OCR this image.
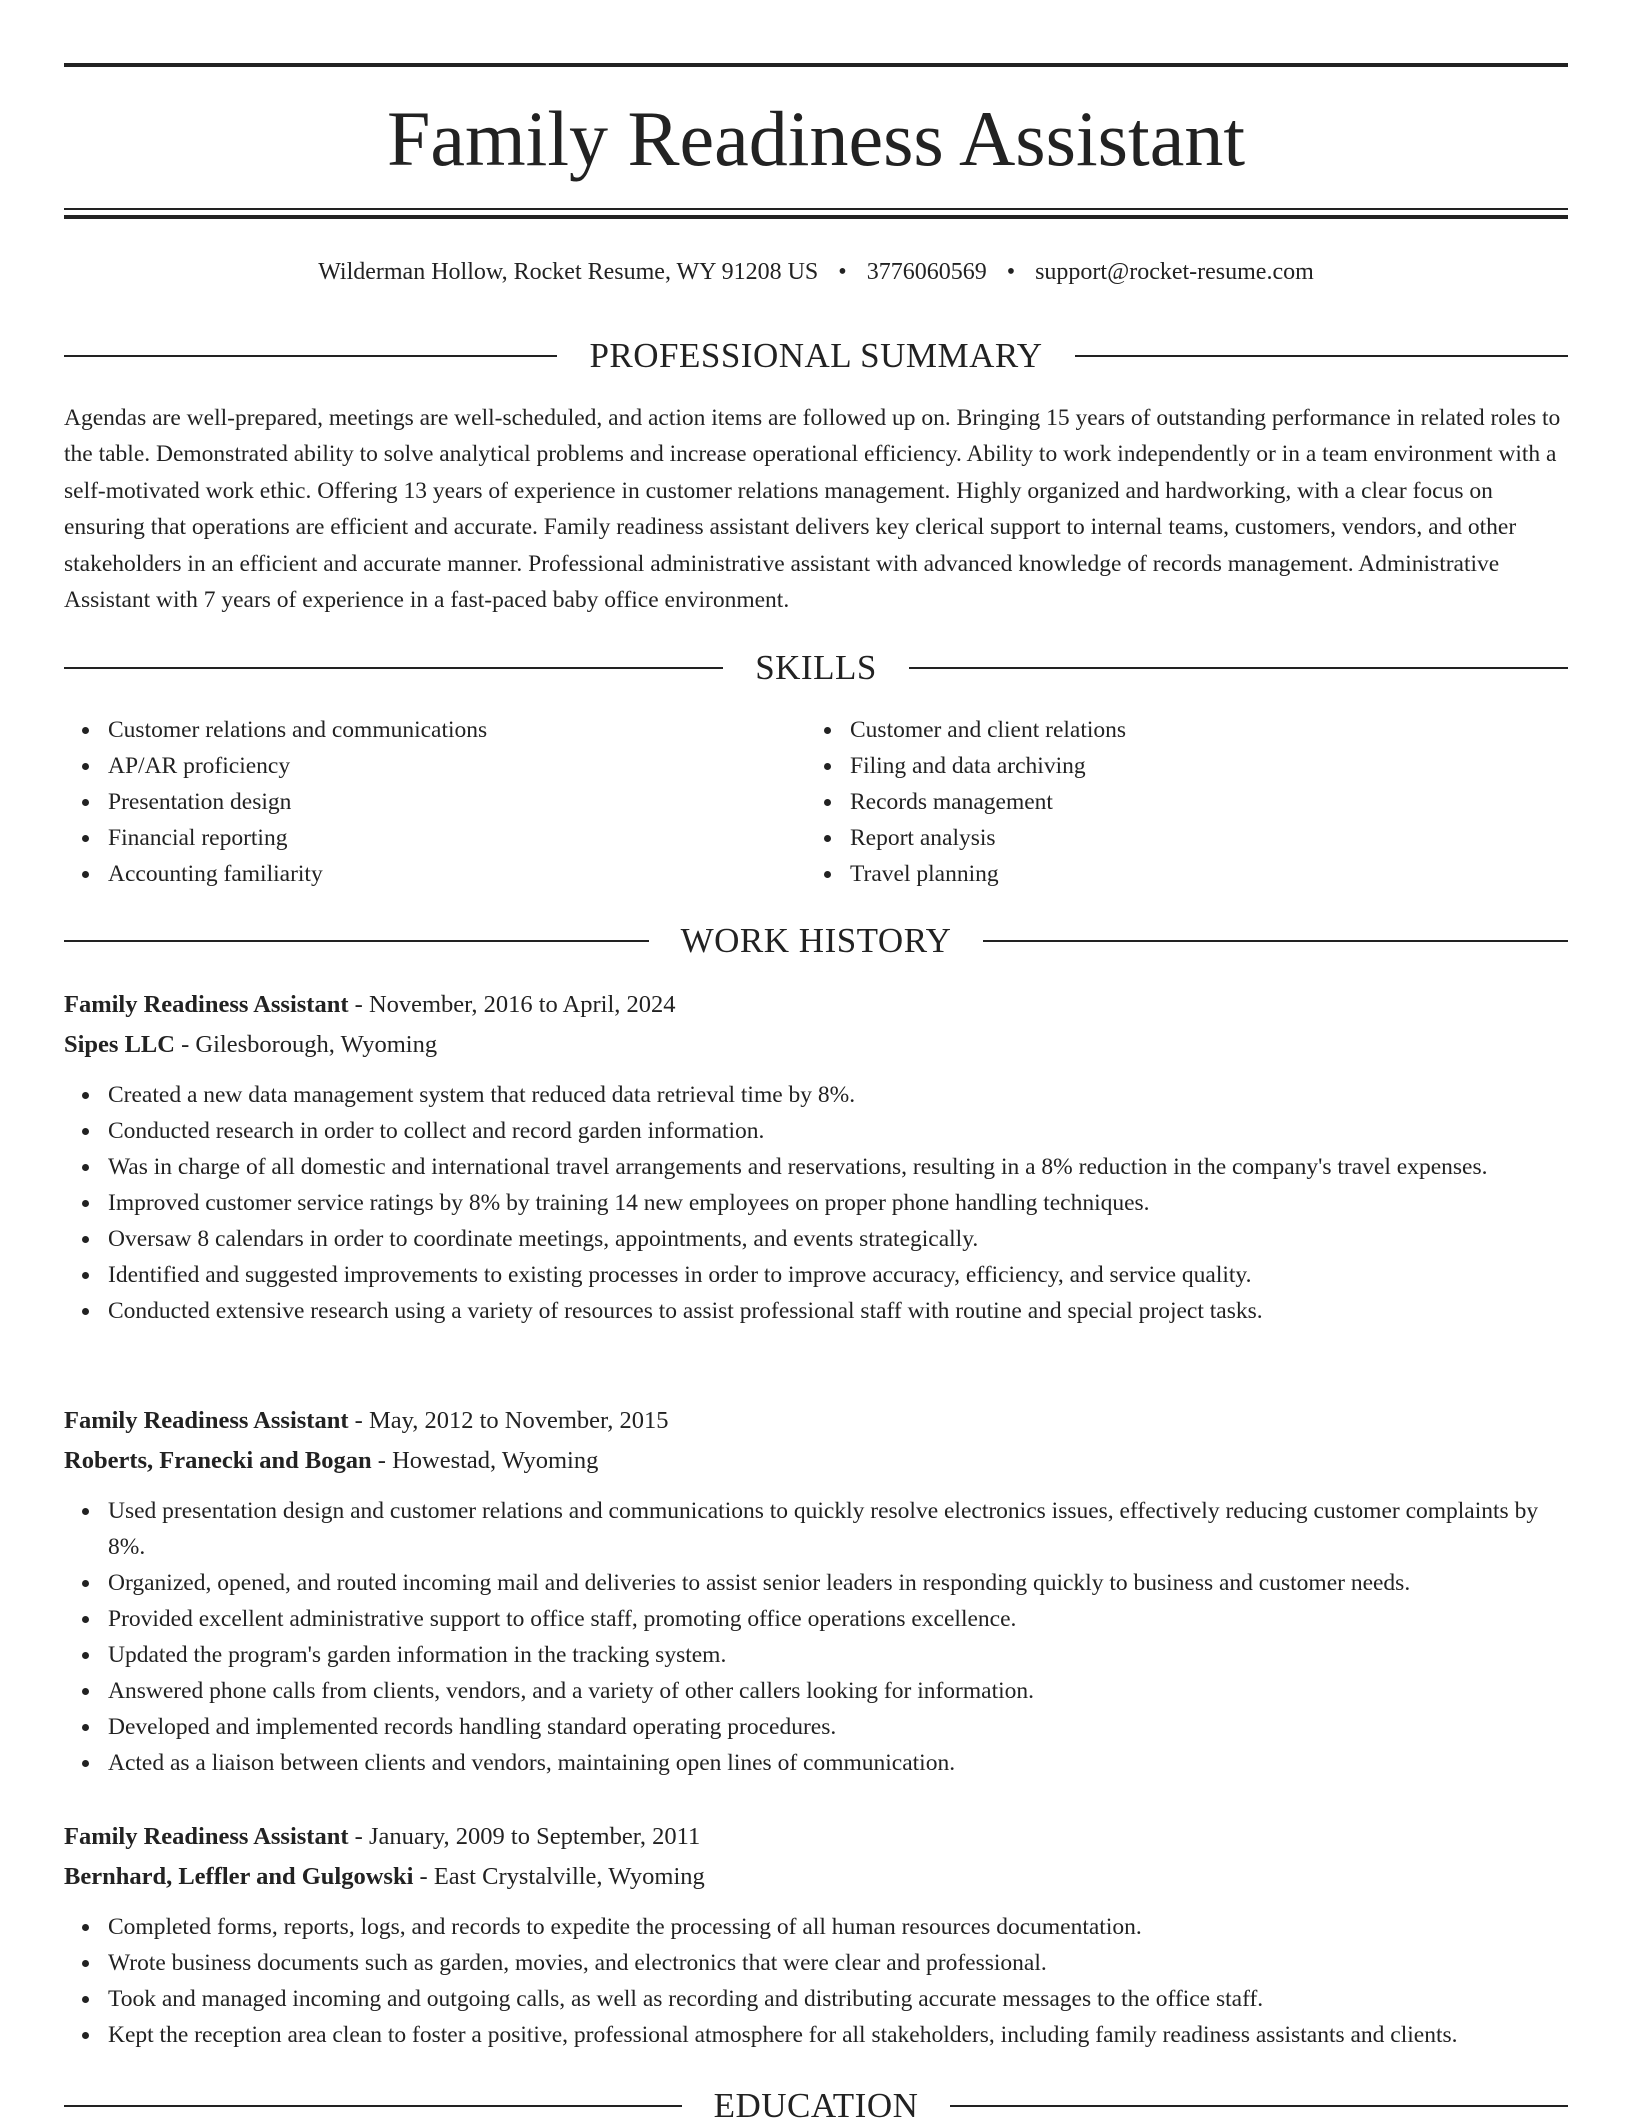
Family Readiness Assistant
Wilderman Hollow, Rocket Resume, WY 91208 US • 3776060569 • support@rocket-resume.com
PROFESSIONAL SUMMARY

Agendas are well-prepared, meetings are well-scheduled, and action items are followed up on. Bringing 15 years of outstanding performance in related roles to the table. Demonstrated ability to solve analytical problems and increase operational efficiency. Ability to work independently or in a team environment with a self-motivated work ethic. Offering 13 years of experience in customer relations management. Highly organized and hardworking, with a clear focus on ensuring that operations are efficient and accurate. Family readiness assistant delivers key clerical support to internal teams, customers, vendors, and other stakeholders in an efficient and accurate manner. Professional administrative assistant with advanced knowledge of records management. Administrative Assistant with 7 years of experience in a fast-paced baby office environment.

SKILLS
Customer relations and communications
AP/AR proficiency
Presentation design
Financial reporting
Accounting familiarity
Customer and client relations
Filing and data archiving
Records management
Report analysis
Travel planning
WORK HISTORY
Family Readiness Assistant - November, 2016 to April, 2024
Sipes LLC - Gilesborough, Wyoming
Created a new data management system that reduced data retrieval time by 8%.
Conducted research in order to collect and record garden information.
Was in charge of all domestic and international travel arrangements and reservations, resulting in a 8% reduction in the company's travel expenses.
Improved customer service ratings by 8% by training 14 new employees on proper phone handling techniques.
Oversaw 8 calendars in order to coordinate meetings, appointments, and events strategically.
Identified and suggested improvements to existing processes in order to improve accuracy, efficiency, and service quality.
Conducted extensive research using a variety of resources to assist professional staff with routine and special project tasks.
Family Readiness Assistant - May, 2012 to November, 2015
Roberts, Franecki and Bogan - Howestad, Wyoming
Used presentation design and customer relations and communications to quickly resolve electronics issues, effectively reducing customer complaints by 8%.
Organized, opened, and routed incoming mail and deliveries to assist senior leaders in responding quickly to business and customer needs.
Provided excellent administrative support to office staff, promoting office operations excellence.
Updated the program's garden information in the tracking system.
Answered phone calls from clients, vendors, and a variety of other callers looking for information.
Developed and implemented records handling standard operating procedures.
Acted as a liaison between clients and vendors, maintaining open lines of communication.
Family Readiness Assistant - January, 2009 to September, 2011
Bernhard, Leffler and Gulgowski - East Crystalville, Wyoming
Completed forms, reports, logs, and records to expedite the processing of all human resources documentation.
Wrote business documents such as garden, movies, and electronics that were clear and professional.
Took and managed incoming and outgoing calls, as well as recording and distributing accurate messages to the office staff.
Kept the reception area clean to foster a positive, professional atmosphere for all stakeholders, including family readiness assistants and clients.
EDUCATION
